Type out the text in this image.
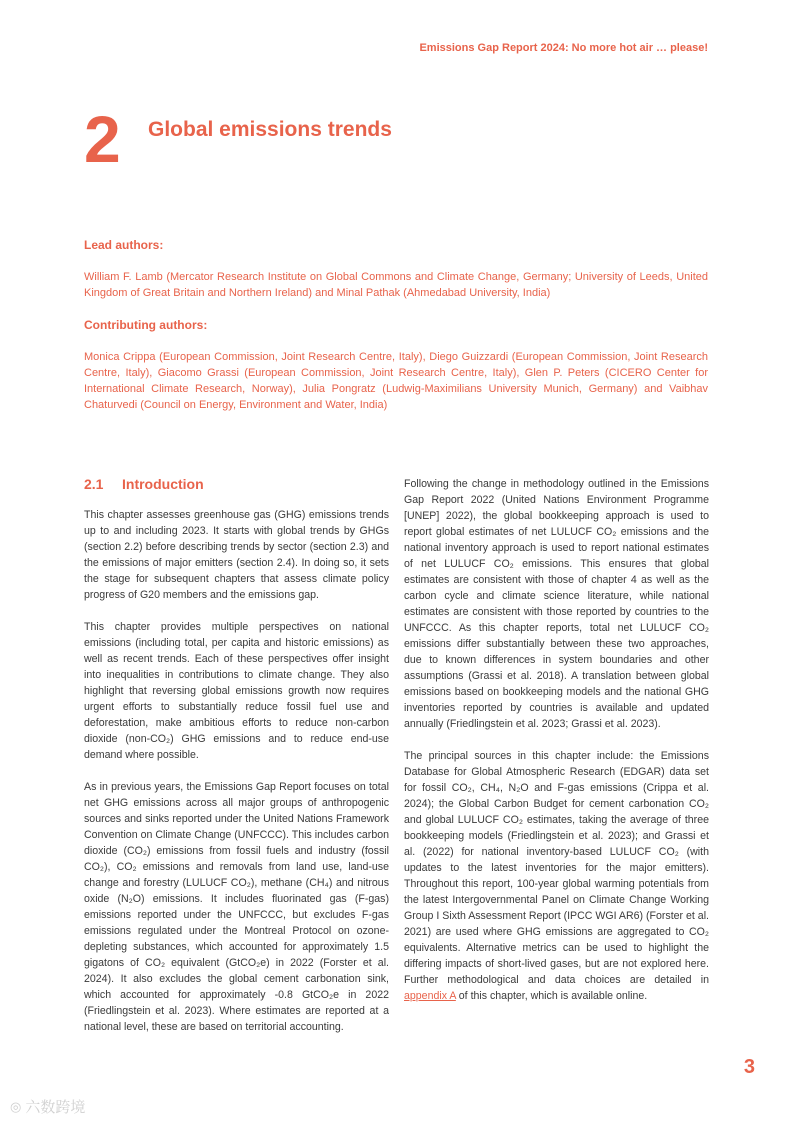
Emissions Gap Report 2024: No more hot air … please!
2 Global emissions trends

Lead authors:

William F. Lamb (Mercator Research Institute on Global Commons and Climate Change, Germany; University of Leeds, United Kingdom of Great Britain and Northern Ireland) and Minal Pathak (Ahmedabad University, India)

Contributing authors:

Monica Crippa (European Commission, Joint Research Centre, Italy), Diego Guizzardi (European Commission, Joint Research Centre, Italy), Giacomo Grassi (European Commission, Joint Research Centre, Italy), Glen P. Peters (CICERO Center for International Climate Research, Norway), Julia Pongratz (Ludwig-Maximilians University Munich, Germany) and Vaibhav Chaturvedi (Council on Energy, Environment and Water, India)

2.1 Introduction

This chapter assesses greenhouse gas (GHG) emissions trends up to and including 2023. It starts with global trends by GHGs (section 2.2) before describing trends by sector (section 2.3) and the emissions of major emitters (section 2.4). In doing so, it sets the stage for subsequent chapters that assess climate policy progress of G20 members and the emissions gap.

This chapter provides multiple perspectives on national emissions (including total, per capita and historic emissions) as well as recent trends. Each of these perspectives offer insight into inequalities in contributions to climate change. They also highlight that reversing global emissions growth now requires urgent efforts to substantially reduce fossil fuel use and deforestation, make ambitious efforts to reduce non-carbon dioxide (non-CO₂) GHG emissions and to reduce end-use demand where possible.

As in previous years, the Emissions Gap Report focuses on total net GHG emissions across all major groups of anthropogenic sources and sinks reported under the United Nations Framework Convention on Climate Change (UNFCCC). This includes carbon dioxide (CO₂) emissions from fossil fuels and industry (fossil CO₂), CO₂ emissions and removals from land use, land-use change and forestry (LULUCF CO₂), methane (CH₄) and nitrous oxide (N₂O) emissions. It includes fluorinated gas (F-gas) emissions reported under the UNFCCC, but excludes F-gas emissions regulated under the Montreal Protocol on ozone-depleting substances, which accounted for approximately 1.5 gigatons of CO₂ equivalent (GtCO₂e) in 2022 (Forster et al. 2024). It also excludes the global cement carbonation sink, which accounted for approximately -0.8 GtCO₂e in 2022 (Friedlingstein et al. 2023). Where estimates are reported at a national level, these are based on territorial accounting.

Following the change in methodology outlined in the Emissions Gap Report 2022 (United Nations Environment Programme [UNEP] 2022), the global bookkeeping approach is used to report global estimates of net LULUCF CO₂ emissions and the national inventory approach is used to report national estimates of net LULUCF CO₂ emissions. This ensures that global estimates are consistent with those of chapter 4 as well as the carbon cycle and climate science literature, while national estimates are consistent with those reported by countries to the UNFCCC. As this chapter reports, total net LULUCF CO₂ emissions differ substantially between these two approaches, due to known differences in system boundaries and other assumptions (Grassi et al. 2018). A translation between global emissions based on bookkeeping models and the national GHG inventories reported by countries is available and updated annually (Friedlingstein et al. 2023; Grassi et al. 2023).

The principal sources in this chapter include: the Emissions Database for Global Atmospheric Research (EDGAR) data set for fossil CO₂, CH₄, N₂O and F-gas emissions (Crippa et al. 2024); the Global Carbon Budget for cement carbonation CO₂ and global LULUCF CO₂ estimates, taking the average of three bookkeeping models (Friedlingstein et al. 2023); and Grassi et al. (2022) for national inventory-based LULUCF CO₂ (with updates to the latest inventories for the major emitters). Throughout this report, 100-year global warming potentials from the latest Intergovernmental Panel on Climate Change Working Group I Sixth Assessment Report (IPCC WGI AR6) (Forster et al. 2021) are used where GHG emissions are aggregated to CO₂ equivalents. Alternative metrics can be used to highlight the differing impacts of short-lived gases, but are not explored here. Further methodological and data choices are detailed in appendix A of this chapter, which is available online.

3
◎ 六数跨境
